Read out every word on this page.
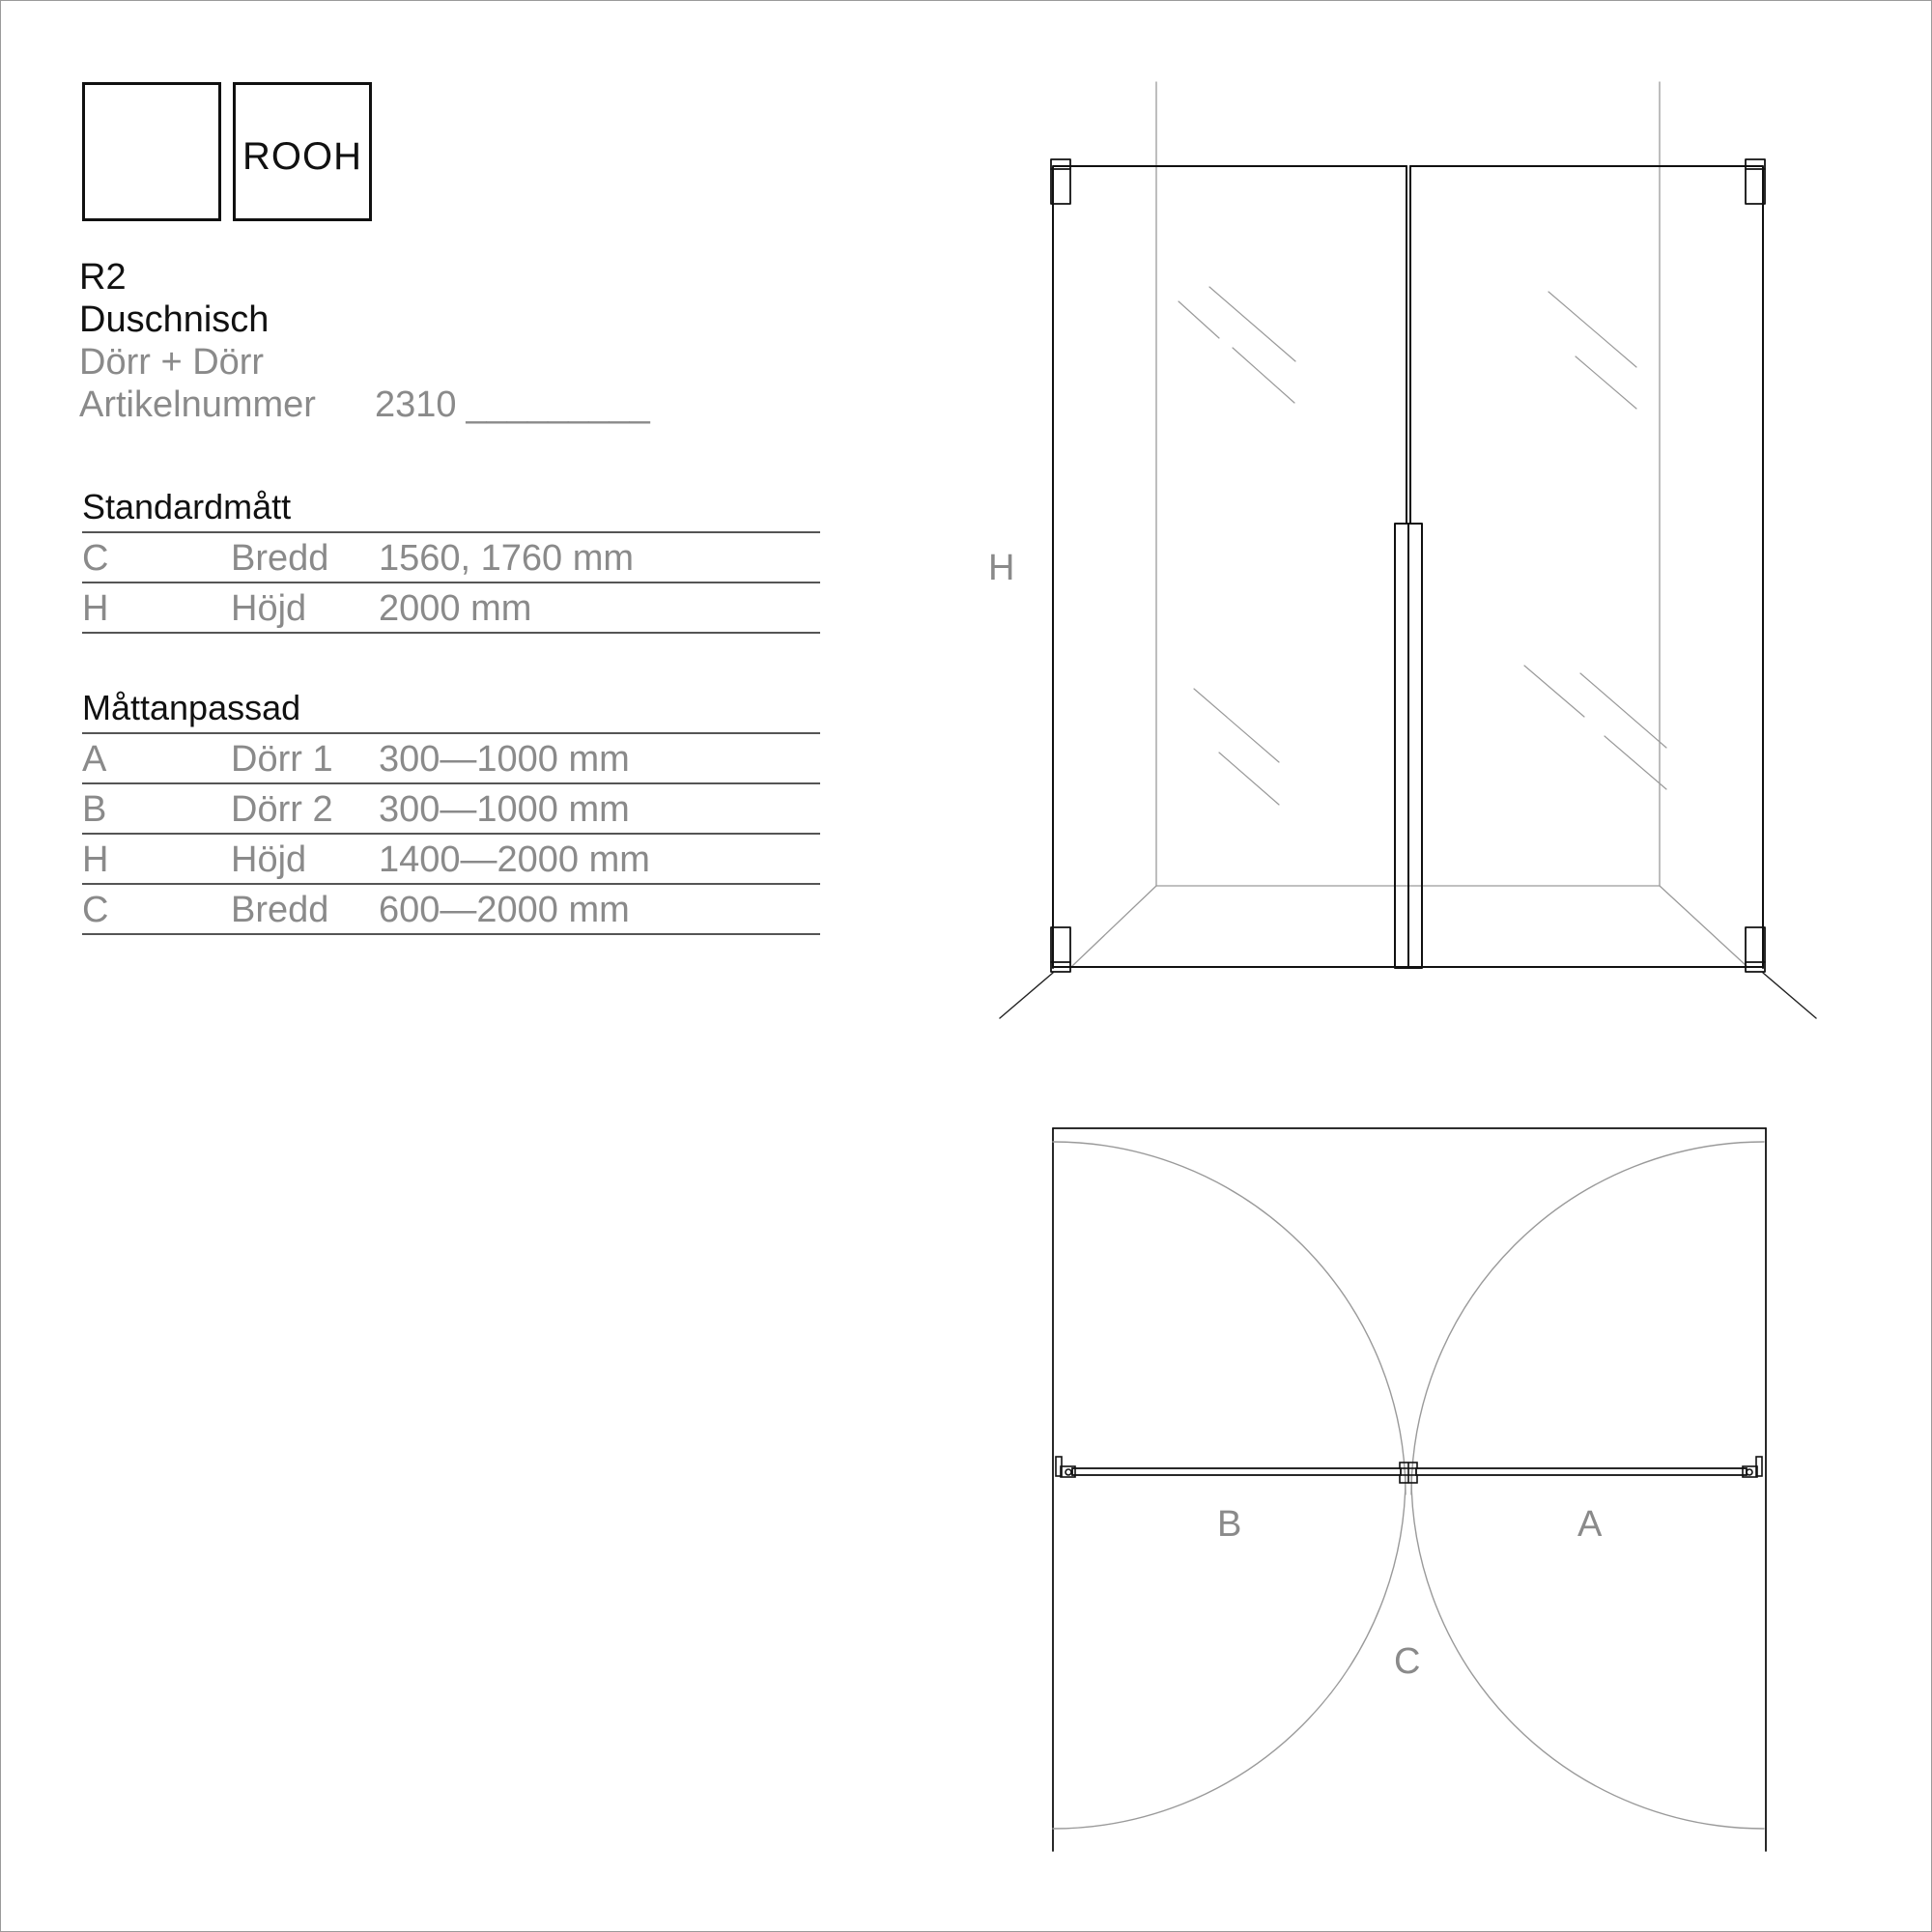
ROOH
R2
Duschnisch
Dörr + Dörr
Artikelnummer	2310 _________
Standardmått
C	Bredd	1560, 1760 mm
H	Höjd	2000 mm
Måttanpassad
A	Dörr 1	300—1000 mm
B	Dörr 2	300—1000 mm
H	Höjd	1400—2000 mm
C	Bredd	600—2000 mm
H
B	A
C
